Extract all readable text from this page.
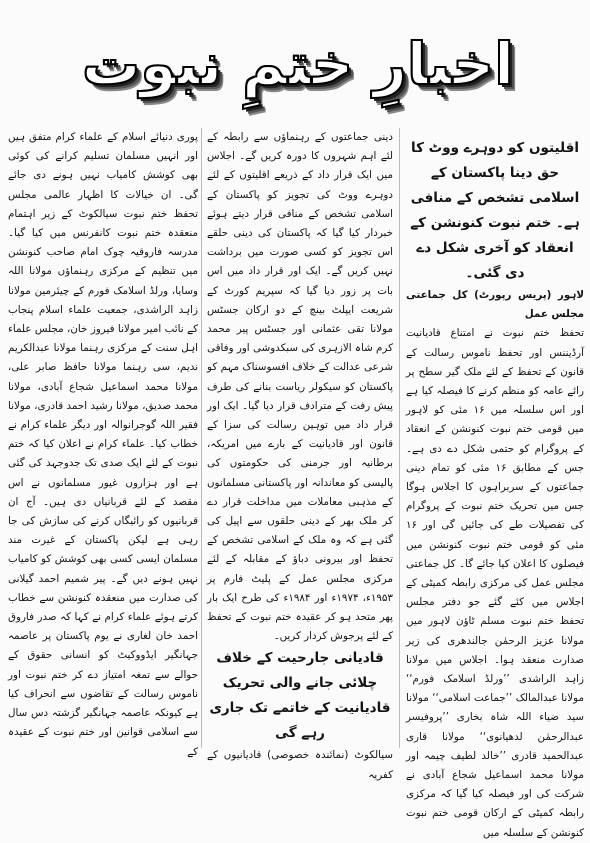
اخبارِ ختمِ نبوت

اقلیتوں کو دوہرے ووٹ کا حق دینا پاکستان کے اسلامی تشخص کے منافی ہے۔ ختم نبوت کنونشن کے انعقاد کو آخری شکل دے دی گئی۔

لاہور (پریس رپورٹ) کل جماعتی مجلس عمل

تحفظ ختم نبوت نے امتناع قادیانیت آرڈیننس اور تحفظ ناموس رسالت کے قانون کے تحفظ کے لئے ملک گیر سطح پر رائے عامہ کو منظم کرنے کا فیصلہ کیا ہے اور اس سلسلہ میں ۱۶ مئی کو لاہور میں قومی ختم نبوت کنونشن کے انعقاد کے پروگرام کو حتمی شکل دے دی ہے۔ جس کے مطابق ۱۶ مئی کو تمام دینی جماعتوں کے سربراہوں کا اجلاس ہوگا جس میں تحریک ختم نبوت کے پروگرام کی تفصیلات طے کی جائیں گی اور ۱۶ مئی کو قومی ختم نبوت کنونشن میں فیصلوں کا اعلان کیا جائے گا۔ کل جماعتی مجلس عمل کی مرکزی رابطہ کمیٹی کے اجلاس میں کئے گئے جو دفتر مجلس تحفظ ختم نبوت مسلم ٹاؤن لاہور میں مولانا عزیز الرحمٰن جالندھری کی زیر صدارت منعقد ہوا۔ اجلاس میں مولانا زاہد الراشدی ’’ورلڈ اسلامک فورم‘‘ مولانا عبدالمالک ’’جماعت اسلامی‘‘ مولانا سید ضیاء اللہ شاہ بخاری ’’پروفیسر عبدالرحمٰن لدھیانوی‘‘ مولانا قاری عبدالحمید قادری ’’خالد لطیف چیمہ اور مولانا محمد اسماعیل شجاع آبادی نے شرکت کی اور فیصلہ کیا گیا کہ مرکزی رابطہ کمیٹی کے ارکان قومی ختم نبوت کنونشن کے سلسلہ میں

دینی جماعتوں کے رہنماؤں سے رابطہ کے لئے اہم شہروں کا دورہ کریں گے۔ اجلاس میں ایک قرار داد کے ذریعے اقلیتوں کے لئے دوہرے ووٹ کی تجویز کو پاکستان کے اسلامی تشخص کے منافی قرار دیتے ہوئے خبردار کیا گیا کہ پاکستان کی دینی حلقے اس تجویز کو کسی صورت میں برداشت نہیں کریں گے۔ ایک اور قرار داد میں اس بات پر زور دیا گیا کہ سپریم کورٹ کے شریعت ایپلٹ بینچ کے دو ارکان جسٹس مولانا تقی عثمانی اور جسٹس پیر محمد کرم شاہ الازہری کی سبکدوشی اور وفاقی شرعی عدالت کے خلاف افسوسناک مہم کو پاکستان کو سیکولر ریاست بنانے کی طرف پیش رفت کے مترادف قرار دیا گیا۔ ایک اور قرار داد میں توہین رسالت کی سزا کے قانون اور قادیانیت کے بارے میں امریکہ، برطانیہ اور جرمنی کی حکومتوں کی پالیسی کو معاندانہ اور پاکستانی مسلمانوں کے مذہبی معاملات میں مداخلت قرار دے کر ملک بھر کے دینی حلقوں سے اپیل کی گئی ہے کہ وہ ملک کے اسلامی تشخص کے تحفظ اور بیرونی دباؤ کے مقابلہ کے لئے مرکزی مجلس عمل کے پلیٹ فارم پر ۱۹۵۳ء، ۱۹۷۴ء اور ۱۹۸۴ء کی طرح ایک بار پھر متحد ہو کر عقیدہ ختم نبوت کے تحفظ کے لئے پرجوش کردار کریں۔

قادیانی جارحیت کے خلاف چلائی جانے والی تحریک قادیانیت کے خاتمے تک جاری رہے گی

سیالکوٹ (نمائندہ خصوصی) قادیانیوں کے کفریہ

پوری دنیائے اسلام کے علماء کرام متفق ہیں اور انہیں مسلمان تسلیم کرانے کی کوئی بھی کوشش کامیاب نہیں ہونے دی جائے گی۔ ان خیالات کا اظہار عالمی مجلس تحفظ ختم نبوت سیالکوٹ کے زیر اہتمام منعقدہ ختم نبوت کانفرنس میں کیا گیا۔ مدرسہ فاروقیہ چوک امام صاحب کنونشن میں تنظیم کے مرکزی رہنماؤں مولانا اللہ وسایا، ورلڈ اسلامک فورم کے چیئرمین مولانا زاہد الراشدی، جمعیت علماء اسلام پنجاب کے نائب امیر مولانا فیروز خان، مجلس علماء اہل سنت کے مرکزی رہنما مولانا عبدالکریم ندیم، سی رہنما مولانا حافظ صابر علی، مولانا محمد اسماعیل شجاع آبادی، مولانا محمد صدیق، مولانا رشید احمد قادری، مولانا فقیر اللہ گوجرانوالہ اور دیگر علماء کرام نے خطاب کیا۔ علماء کرام نے اعلان کیا کہ ختم نبوت کے لئے ایک صدی تک جدوجہد کی گئی ہے اور ہزاروں غیور مسلمانوں نے اس مقصد کے لئے قربانیاں دی ہیں۔ آج ان قربانیوں کو رائیگاں کرنے کی سازش کی جا رہی ہے لیکن پاکستان کے غیرت مند مسلمان ایسی کسی بھی کوشش کو کامیاب نہیں ہونے دیں گے۔ پیر شمیم احمد گیلانی کی صدارت میں منعقدہ کنونشن سے خطاب کرتے ہوئے علماء کرام نے کہا کہ صدر فاروق احمد خان لغاری نے یوم پاکستان پر عاصمہ جہانگیر ایڈووکیٹ کو انسانی حقوق کے حوالے سے تمغہ امتیاز دے کر ختم نبوت اور ناموس رسالت کے تقاضوں سے انحراف کیا ہے کیونکہ عاصمہ جہانگیر گزشتہ دس سال سے اسلامی قوانین اور ختم نبوت کے عقیدہ کے
